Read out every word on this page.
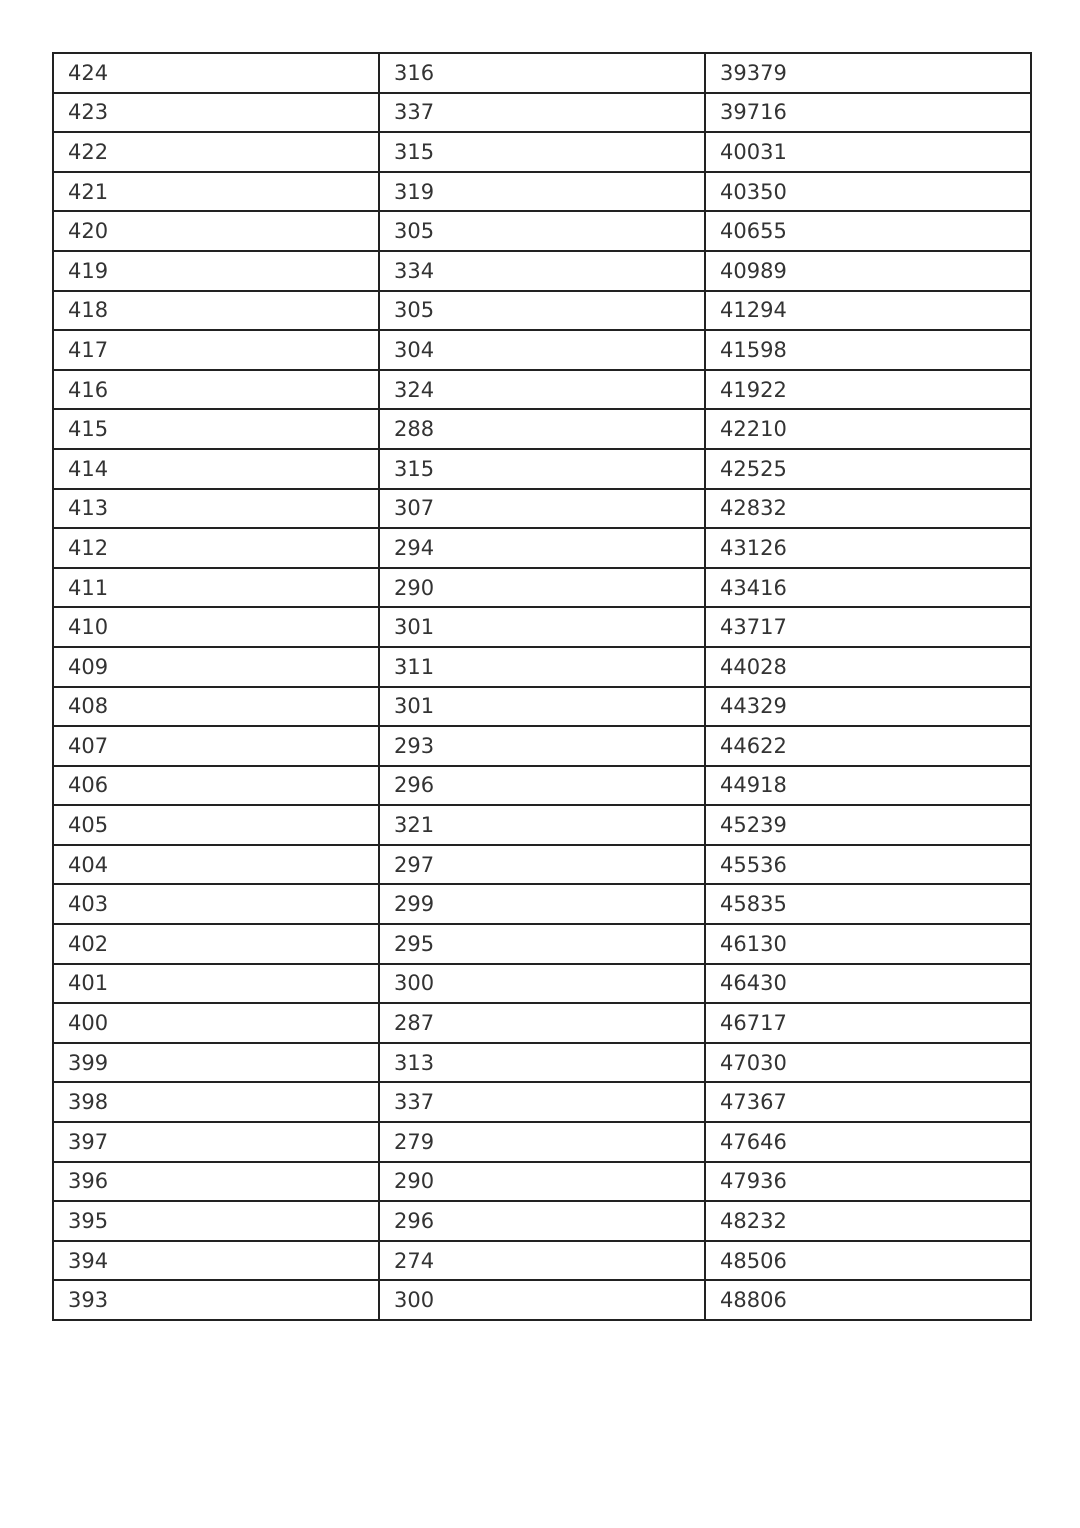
424	316	39379
423	337	39716
422	315	40031
421	319	40350
420	305	40655
419	334	40989
418	305	41294
417	304	41598
416	324	41922
415	288	42210
414	315	42525
413	307	42832
412	294	43126
411	290	43416
410	301	43717
409	311	44028
408	301	44329
407	293	44622
406	296	44918
405	321	45239
404	297	45536
403	299	45835
402	295	46130
401	300	46430
400	287	46717
399	313	47030
398	337	47367
397	279	47646
396	290	47936
395	296	48232
394	274	48506
393	300	48806
